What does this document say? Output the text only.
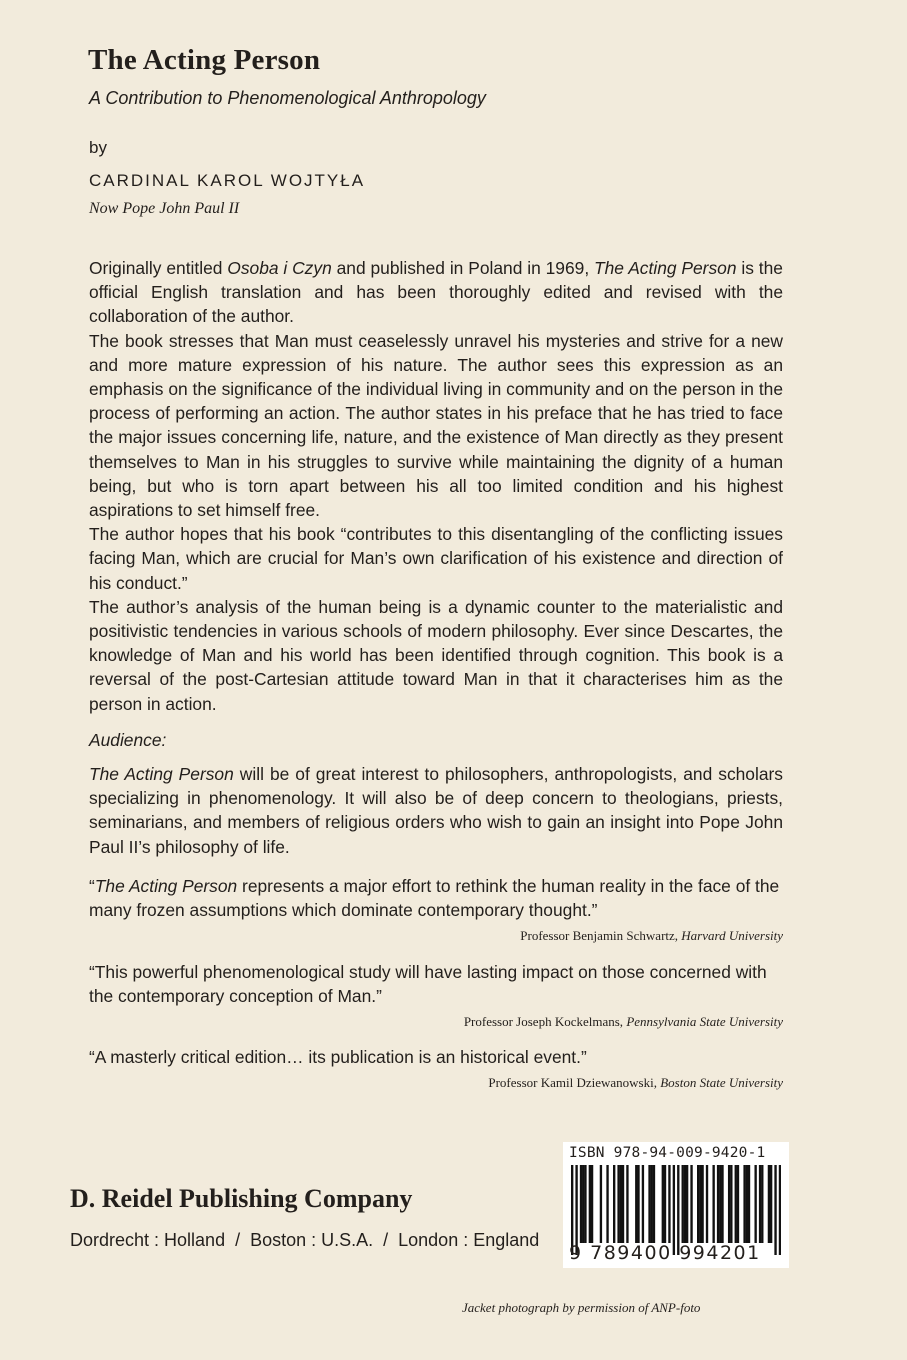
The Acting Person
A Contribution to Phenomenological Anthropology
by
CARDINAL KAROL WOJTYŁA
Now Pope John Paul II

Originally entitled Osoba i Czyn and published in Poland in 1969, The Acting Person is the official English translation and has been thoroughly edited and revised with the collaboration of the author.

The book stresses that Man must ceaselessly unravel his mysteries and strive for a new and more mature expression of his nature. The author sees this expression as an emphasis on the significance of the individual living in community and on the person in the process of performing an action. The author states in his preface that he has tried to face the major issues concerning life, nature, and the existence of Man directly as they present themselves to Man in his struggles to survive while maintaining the dignity of a human being, but who is torn apart between his all too limited condition and his highest aspirations to set himself free.

The author hopes that his book “contributes to this disentangling of the conflicting issues facing Man, which are crucial for Man’s own clarification of his existence and direction of his conduct.”

The author’s analysis of the human being is a dynamic counter to the materialistic and positivistic tendencies in various schools of modern philosophy. Ever since Descartes, the knowledge of Man and his world has been identified through cognition. This book is a reversal of the post-Cartesian attitude toward Man in that it characterises him as the person in action.

Audience:

The Acting Person will be of great interest to philosophers, anthropologists, and scholars specializing in phenomenology. It will also be of deep concern to theologians, priests, seminarians, and members of religious orders who wish to gain an insight into Pope John Paul II’s philosophy of life.

“The Acting Person represents a major effort to rethink the human reality in the face of the many frozen assumptions which dominate contemporary thought.”

Professor Benjamin Schwartz, Harvard University

“This powerful phenomenological study will have lasting impact on those concerned with the contemporary conception of Man.”

Professor Joseph Kockelmans, Pennsylvania State University

“A masterly critical edition… its publication is an historical event.”

Professor Kamil Dziewanowski, Boston State University
D. Reidel Publishing Company
Dordrecht : Holland  /  Boston : U.S.A.  /  London : England
ISBN 978-94-009-9420-1
9 789400 994201
Jacket photograph by permission of ANP-foto
